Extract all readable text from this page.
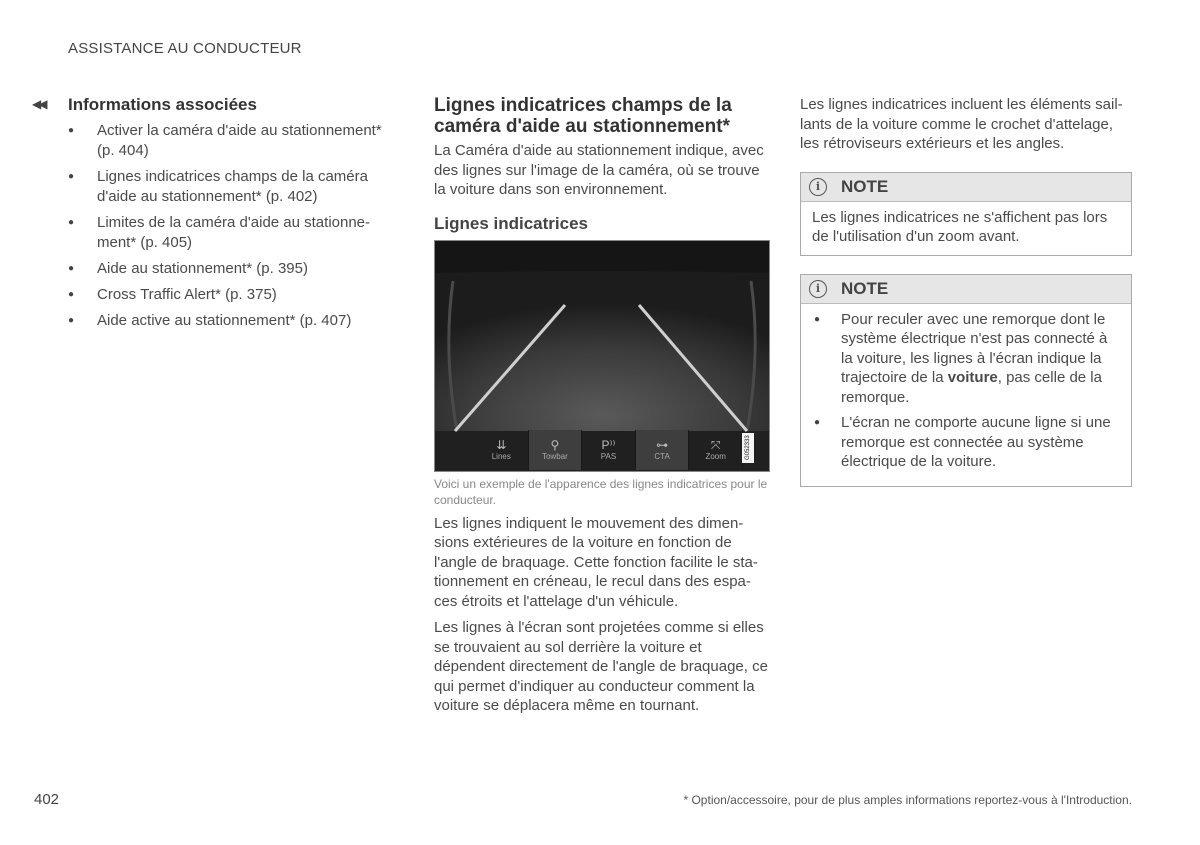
ASSISTANCE AU CONDUCTEUR
◀◀ Informations associées
● Activer la caméra d'aide au stationnement* (p. 404)
● Lignes indicatrices champs de la caméra d'aide au stationnement* (p. 402)
● Limites de la caméra d'aide au stationne-ment* (p. 405)
● Aide au stationnement* (p. 395)
● Cross Traffic Alert* (p. 375)
● Aide active au stationnement* (p. 407)
Lignes indicatrices champs de la caméra d'aide au stationnement*

La Caméra d'aide au stationnement indique, avec des lignes sur l'image de la caméra, où se trouve la voiture dans son environnement.

Lignes indicatrices
⇊
Lines
⚲
Towbar
P⁾⁾
PAS
⊶
CTA
⤧
Zoom	G052333
Voici un exemple de l'apparence des lignes indicatrices pour le conducteur.

Les lignes indiquent le mouvement des dimen-sions extérieures de la voiture en fonction de l'angle de braquage. Cette fonction facilite le sta-tionnement en créneau, le recul dans des espa-ces étroits et l'attelage d'un véhicule.

Les lignes à l'écran sont projetées comme si elles se trouvaient au sol derrière la voiture et dépendent directement de l'angle de braquage, ce qui permet d'indiquer au conducteur comment la voiture se déplacera même en tournant.

Les lignes indicatrices incluent les éléments sail-lants de la voiture comme le crochet d'attelage, les rétroviseurs extérieurs et les angles.

i	NOTE
Les lignes indicatrices ne s'affichent pas lors de l'utilisation d'un zoom avant.
i	NOTE
● Pour reculer avec une remorque dont le système électrique n'est pas connecté à la voiture, les lignes à l'écran indique la trajectoire de la voiture, pas celle de la remorque.
● L'écran ne comporte aucune ligne si une remorque est connectée au système électrique de la voiture.
402	* Option/accessoire, pour de plus amples informations reportez-vous à l'Introduction.
